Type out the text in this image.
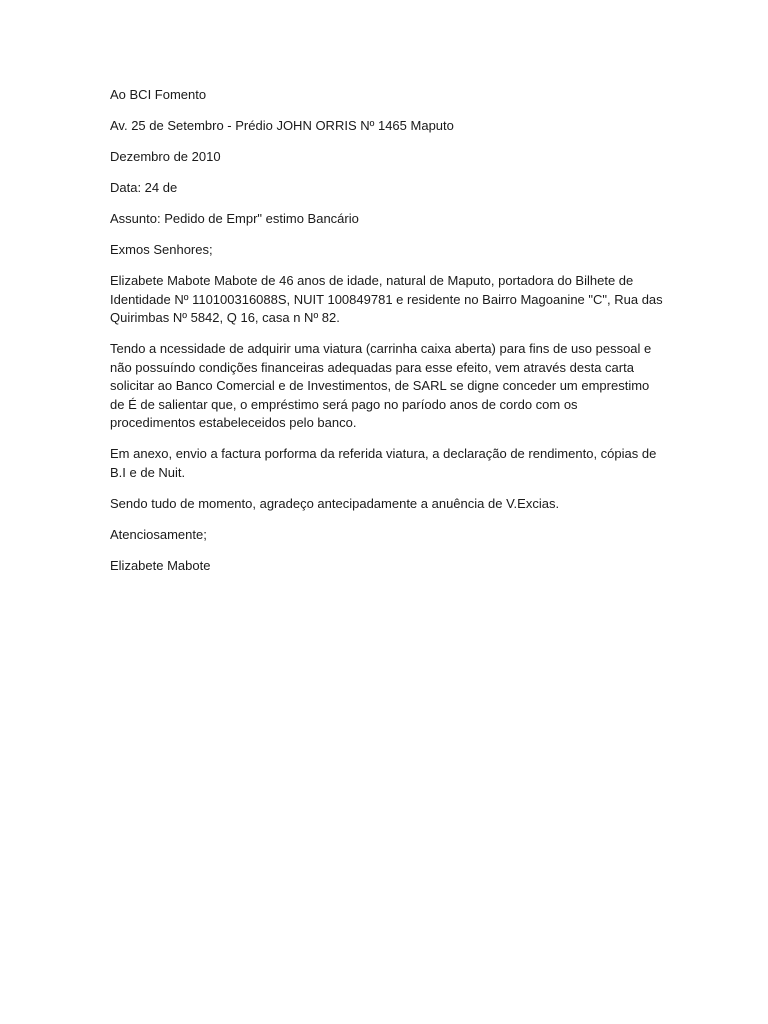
Ao BCI Fomento

Av. 25 de Setembro - Prédio JOHN ORRIS Nº 1465 Maputo

Dezembro de 2010

Data: 24 de

Assunto: Pedido de Empr" estimo Bancário

Exmos Senhores;

Elizabete Mabote Mabote de 46 anos de idade, natural de Maputo, portadora do Bilhete de
Identidade Nº 110100316088S, NUIT 100849781 e residente no Bairro Magoanine "C", Rua das
Quirimbas Nº 5842, Q 16, casa n Nº 82.

Tendo a ncessidade de adquirir uma viatura (carrinha caixa aberta) para fins de uso pessoal e
não possuíndo condições financeiras adequadas para esse efeito, vem através desta carta
solicitar ao Banco Comercial e de Investimentos, de SARL se digne conceder um emprestimo
de É de salientar que, o empréstimo será pago no paríodo anos de cordo com os
procedimentos estabeleceidos pelo banco.

Em anexo, envio a factura porforma da referida viatura, a declaração de rendimento, cópias de
B.I e de Nuit.

Sendo tudo de momento, agradeço antecipadamente a anuência de V.Excias.

Atenciosamente;

Elizabete Mabote
